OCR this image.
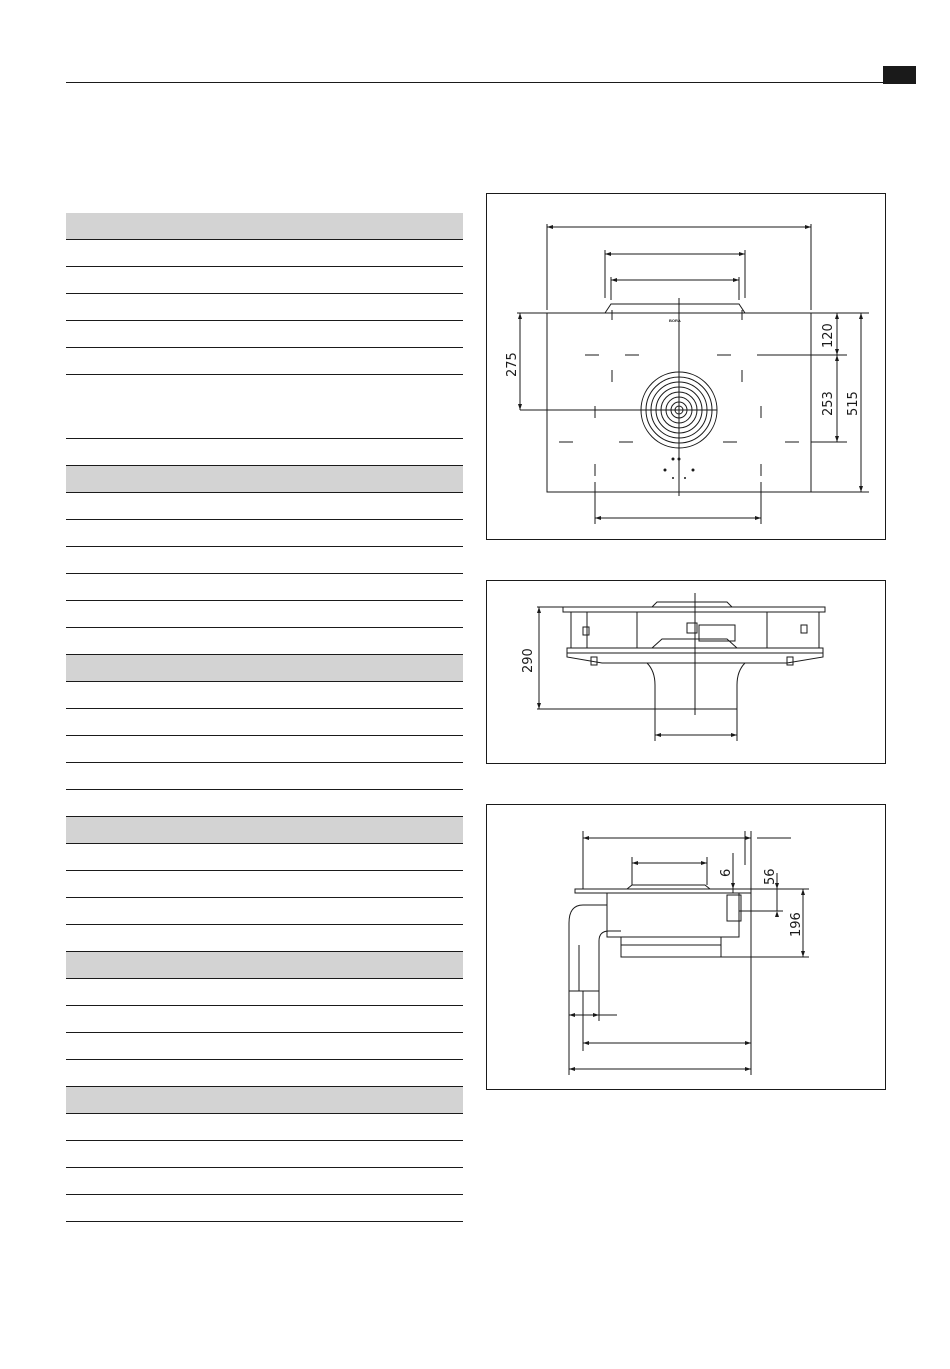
BORA
275
120
253 515
290
6 56
196
